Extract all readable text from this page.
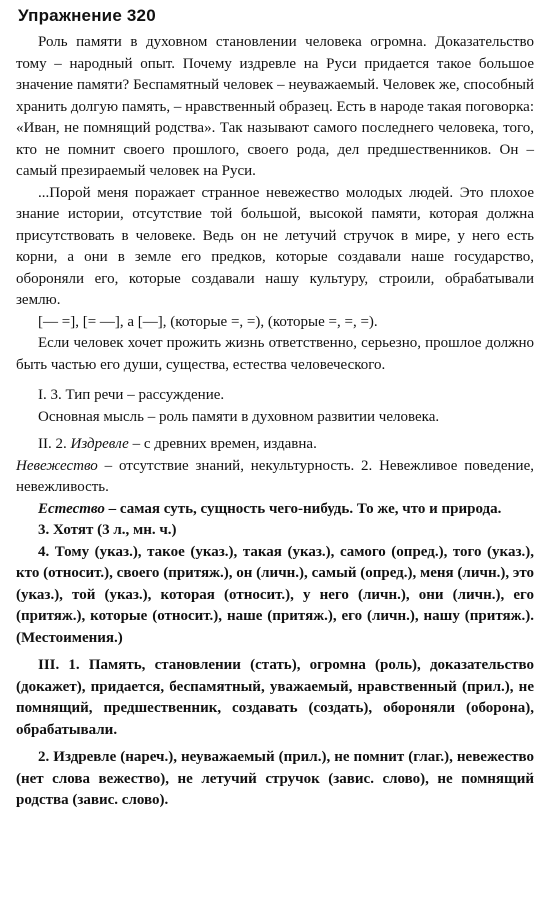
Упражнение 320

Роль памяти в духовном становлении человека огромна. Доказательство тому – народный опыт. Почему издревле на Руси придается такое большое значение памяти? Беспамятный человек – неуважаемый. Человек же, способный хранить долгую память, – нравственный образец. Есть в народе такая поговорка: «Иван, не помнящий родства». Так называют самого последнего человека, того, кто не помнит своего прошлого, своего рода, дел предшественников. Он – самый презираемый человек на Руси.

...Порой меня поражает странное невежество молодых людей. Это плохое знание истории, отсутствие той большой, высокой памяти, которая должна присутствовать в человеке. Ведь он не летучий стручок в мире, у него есть корни, а они в земле его предков, которые создавали наше государство, обороняли его, которые создавали нашу культуру, строили, обрабатывали землю.

[— =], [= —], а [—], (которые =, =), (которые =, =, =).

Если человек хочет прожить жизнь ответственно, серьезно, прошлое должно быть частью его души, существа, естества человеческого.

I. 3. Тип речи – рассуждение.

Основная мысль – роль памяти в духовном развитии человека.

II. 2. Издревле – с древних времен, издавна.

Невежество – отсутствие знаний, некультурность. 2. Невежливое поведение, невежливость.

Естество – самая суть, сущность чего-нибудь. То же, что и природа.

3. Хотят (3 л., мн. ч.)

4. Тому (указ.), такое (указ.), такая (указ.), самого (опред.), того (указ.), кто (относит.), своего (притяж.), он (личн.), самый (опред.), меня (личн.), это (указ.), той (указ.), которая (относит.), у него (личн.), они (личн.), его (притяж.), которые (относит.), наше (притяж.), его (личн.), нашу (притяж.). (Местоимения.)

III. 1. Память, становлении (стать), огромна (роль), доказательство (докажет), придается, беспамятный, уважаемый, нравственный (прил.), не помнящий, предшественник, создавать (создать), обороняли (оборона), обрабатывали.

2. Издревле (нареч.), неуважаемый (прил.), не помнит (глаг.), невежество (нет слова вежество), не летучий стручок (завис. слово), не помнящий родства (завис. слово).
